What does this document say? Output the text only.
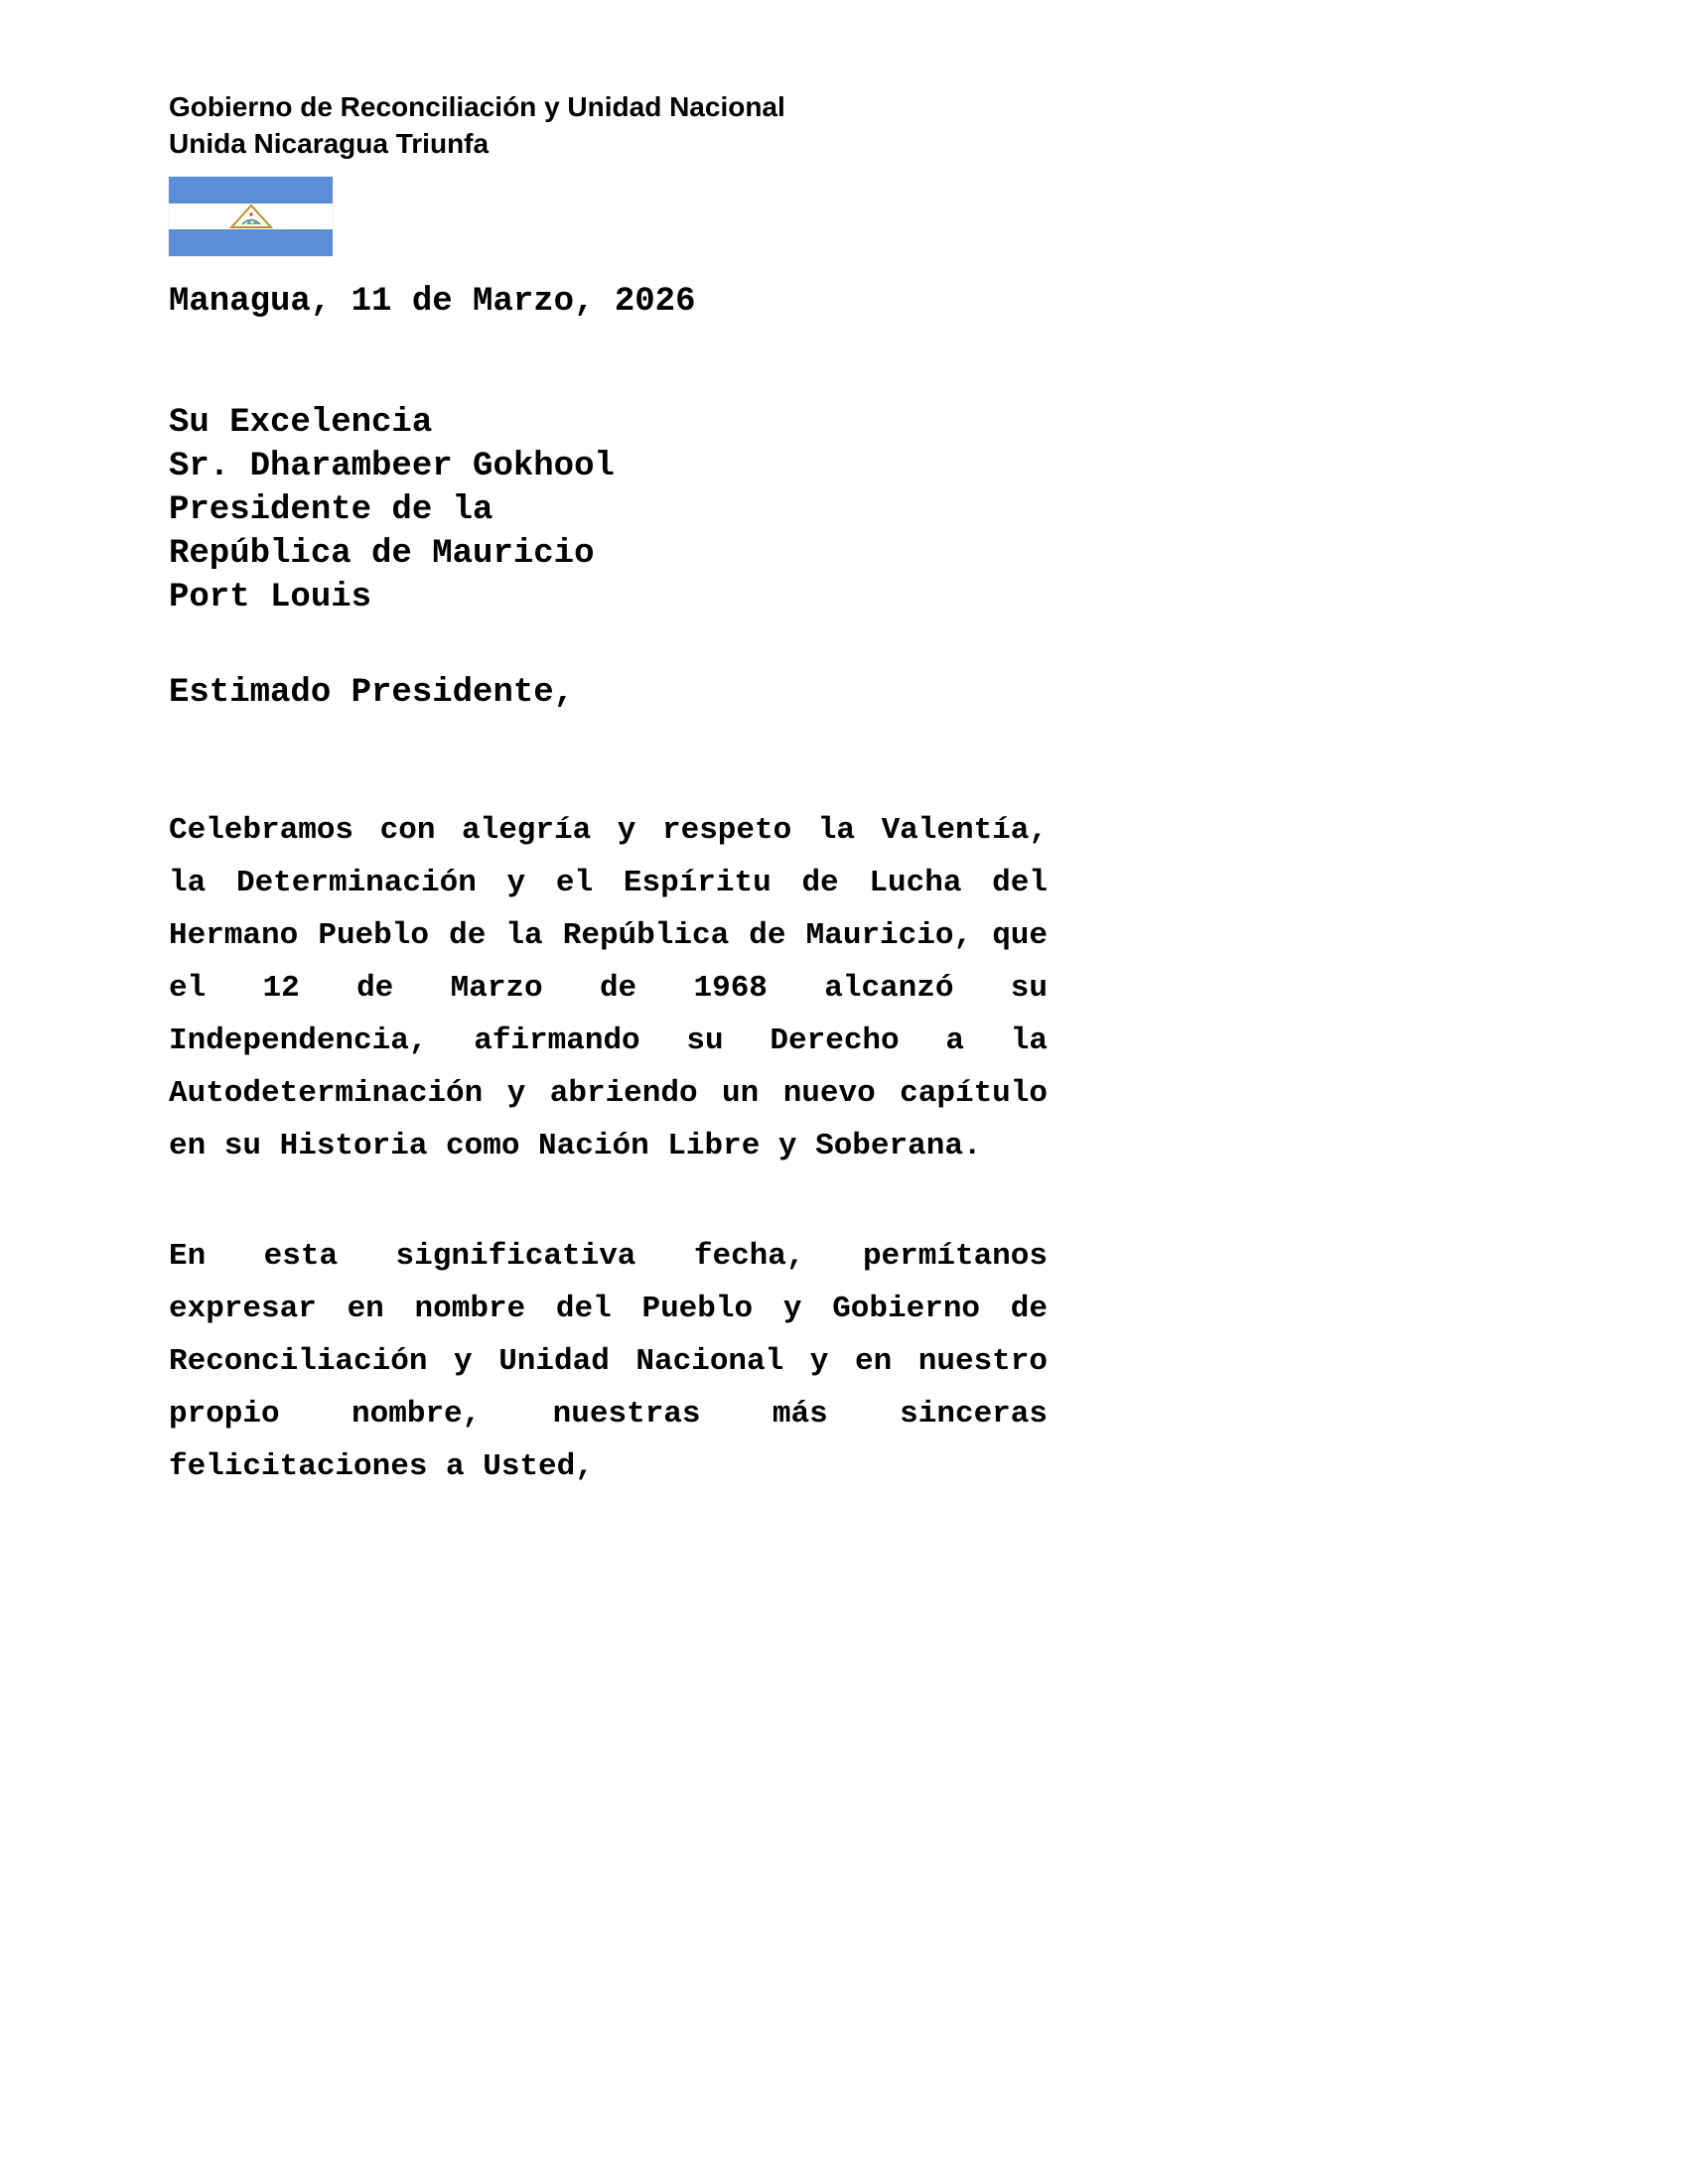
Gobierno de Reconciliación y Unidad Nacional
Unida Nicaragua Triunfa
Managua, 11 de Marzo, 2026
Su Excelencia
Sr. Dharambeer Gokhool
Presidente de la
República de Mauricio
Port Louis
Estimado Presidente,

Celebramos con alegría y respeto la Valentía, la Determinación y el Espíritu de Lucha del Hermano Pueblo de la República de Mauricio, que el 12 de Marzo de 1968 alcanzó su Independencia, afirmando su Derecho a la Autodeterminación y abriendo un nuevo capítulo en su Historia como Nación Libre y Soberana.

En esta significativa fecha, permítanos expresar en nombre del Pueblo y Gobierno de Reconciliación y Unidad Nacional y en nuestro propio nombre, nuestras más sinceras felicitaciones a Usted,
